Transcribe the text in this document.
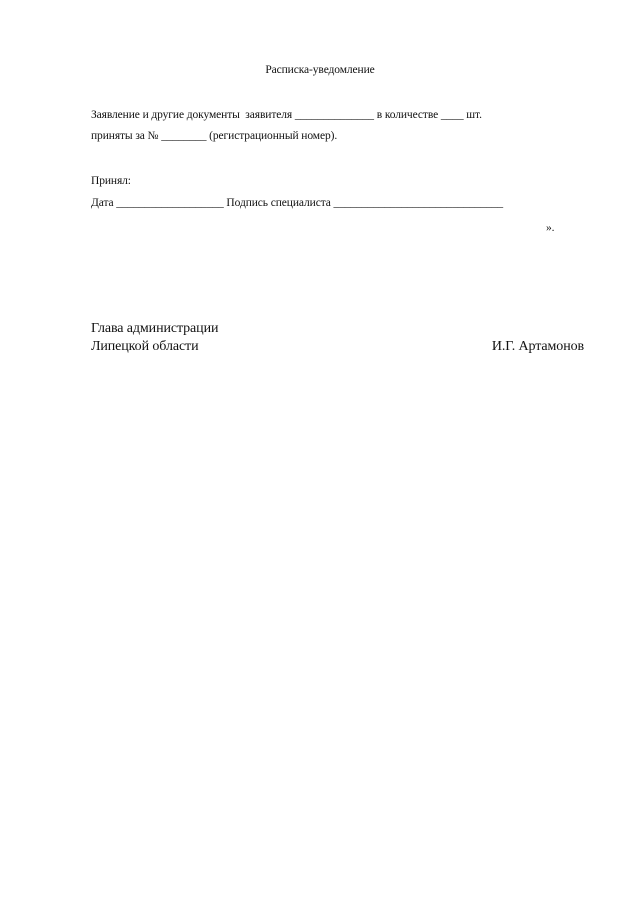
Расписка-уведомление
Заявление и другие документы  заявителя ______________ в количестве ____ шт.
приняты за № ________ (регистрационный номер).
Принял:
Дата ___________________ Подпись специалиста ______________________________
».
Глава администрации
Липецкой области	И.Г. Артамонов
